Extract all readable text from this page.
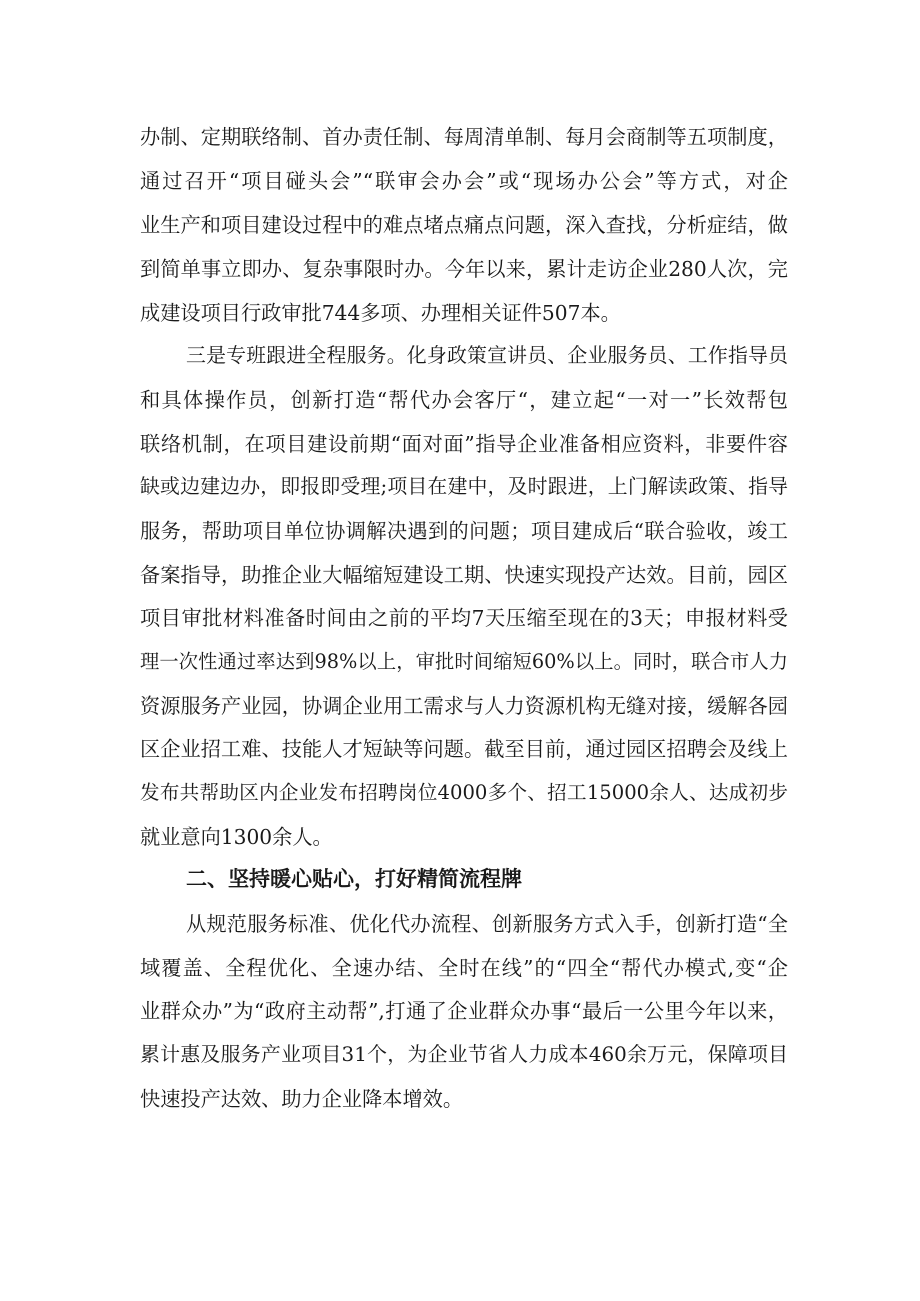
办制、定期联络制、首办责任制、每周清单制、每月会商制等五项制度，
通过召开“项目碰头会”“联审会办会”或“现场办公会”等方式，对企
业生产和项目建设过程中的难点堵点痛点问题，深入查找，分析症结，做
到简单事立即办、复杂事限时办。今年以来，累计走访企业280人次，完
成建设项目行政审批744多项、办理相关证件507本。
三是专班跟进全程服务。化身政策宣讲员、企业服务员、工作指导员
和具体操作员，创新打造“帮代办会客厅“，建立起“一对一”长效帮包
联络机制，在项目建设前期“面对面”指导企业准备相应资料，非要件容
缺或边建边办，即报即受理;项目在建中，及时跟进，上门解读政策、指导
服务，帮助项目单位协调解决遇到的问题；项目建成后“联合验收，竣工
备案指导，助推企业大幅缩短建设工期、快速实现投产达效。目前，园区
项目审批材料准备时间由之前的平均7天压缩至现在的3天；申报材料受
理一次性通过率达到98%以上，审批时间缩短60%以上。同时，联合市人力
资源服务产业园，协调企业用工需求与人力资源机构无缝对接，缓解各园
区企业招工难、技能人才短缺等问题。截至目前，通过园区招聘会及线上
发布共帮助区内企业发布招聘岗位4000多个、招工15000余人、达成初步
就业意向1300余人。
二、坚持暖心贴心，打好精简流程牌
从规范服务标准、优化代办流程、创新服务方式入手，创新打造“全
域覆盖、全程优化、全速办结、全时在线”的“四全“帮代办模式,变“企
业群众办”为“政府主动帮”,打通了企业群众办事“最后一公里今年以来，
累计惠及服务产业项目31个，为企业节省人力成本460余万元，保障项目
快速投产达效、助力企业降本增效。
